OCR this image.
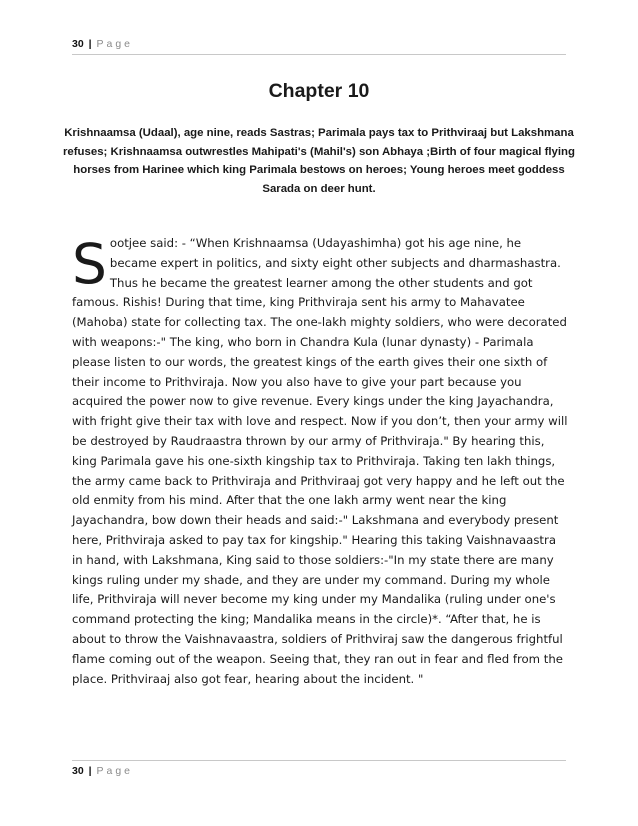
30 | Page
Chapter 10

Krishnaamsa (Udaal), age nine, reads Sastras; Parimala pays tax to Prithviraaj but Lakshmana refuses; Krishnaamsa outwrestles Mahipati's (Mahil's) son Abhaya ;Birth of four magical flying horses from Harinee which king Parimala bestows on heroes; Young heroes meet goddess Sarada on deer hunt.

S ootjee said: - “When Krishnaamsa (Udayashimha) got his age nine, he became expert in politics, and sixty eight other subjects and dharmashastra. Thus he became the greatest learner among the other students and got famous. Rishis! During that time, king Prithviraja sent his army to Mahavatee (Mahoba) state for collecting tax. The one-lakh mighty soldiers, who were decorated with weapons:-" The king, who born in Chandra Kula (lunar dynasty) - Parimala please listen to our words, the greatest kings of the earth gives their one sixth of their income to Prithviraja. Now you also have to give your part because you acquired the power now to give revenue. Every kings under the king Jayachandra, with fright give their tax with love and respect. Now if you don’t, then your army will be destroyed by Raudraastra thrown by our army of Prithviraja." By hearing this, king Parimala gave his one-sixth kingship tax to Prithviraja. Taking ten lakh things, the army came back to Prithviraja and Prithviraaj got very happy and he left out the old enmity from his mind. After that the one lakh army went near the king Jayachandra, bow down their heads and said:-" Lakshmana and everybody present here, Prithviraja asked to pay tax for kingship." Hearing this taking Vaishnavaastra in hand, with Lakshmana, King said to those soldiers:-"In my state there are many kings ruling under my shade, and they are under my command. During my whole life, Prithviraja will never become my king under my Mandalika (ruling under one's command protecting the king; Mandalika means in the circle)*. “After that, he is about to throw the Vaishnavaastra, soldiers of Prithviraj saw the dangerous frightful flame coming out of the weapon. Seeing that, they ran out in fear and fled from the place. Prithviraaj also got fear, hearing about the incident. "
30 | Page
